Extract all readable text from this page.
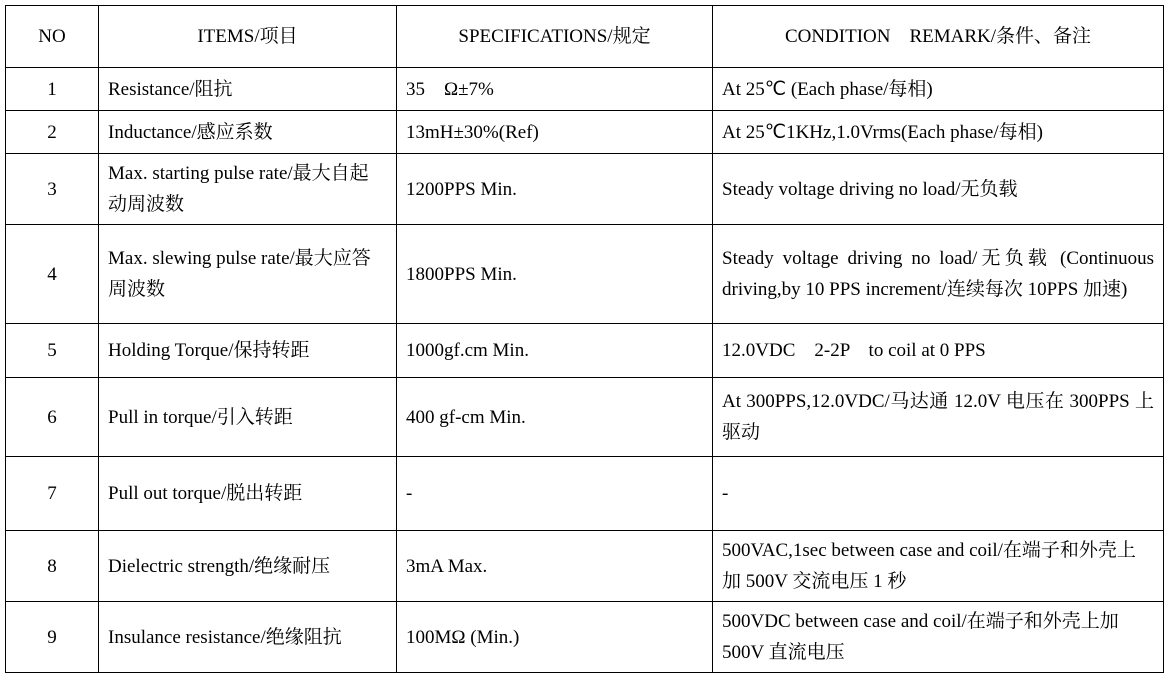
NO	ITEMS/项目	SPECIFICATIONS/规定	CONDITION　REMARK/条件、备注
1	Resistance/阻抗	35　Ω±7%	At 25℃ (Each phase/每相)
2	Inductance/感应系数	13mH±30%(Ref)	At 25℃1KHz,1.0Vrms(Each phase/每相)
3	Max. starting pulse rate/最大自起动周波数	1200PPS Min.	Steady voltage driving no load/无负载
4	Max. slewing pulse rate/最大应答周波数	1800PPS Min.	Steady voltage driving no load/无负载 (Continuous driving,by 10 PPS increment/连续每次 10PPS 加速)
5	Holding Torque/保持转距	1000gf.cm Min.	12.0VDC　2-2P　to coil at 0 PPS
6	Pull in torque/引入转距	400 gf-cm Min.	At 300PPS,12.0VDC/马达通 12.0V 电压在 300PPS 上驱动
7	Pull out torque/脱出转距	-	-
8	Dielectric strength/绝缘耐压	3mA Max.	500VAC,1sec between case and coil/在端子和外壳上加 500V 交流电压 1 秒
9	Insulance resistance/绝缘阻抗	100MΩ (Min.)	500VDC between case and coil/在端子和外壳上加 500V 直流电压
